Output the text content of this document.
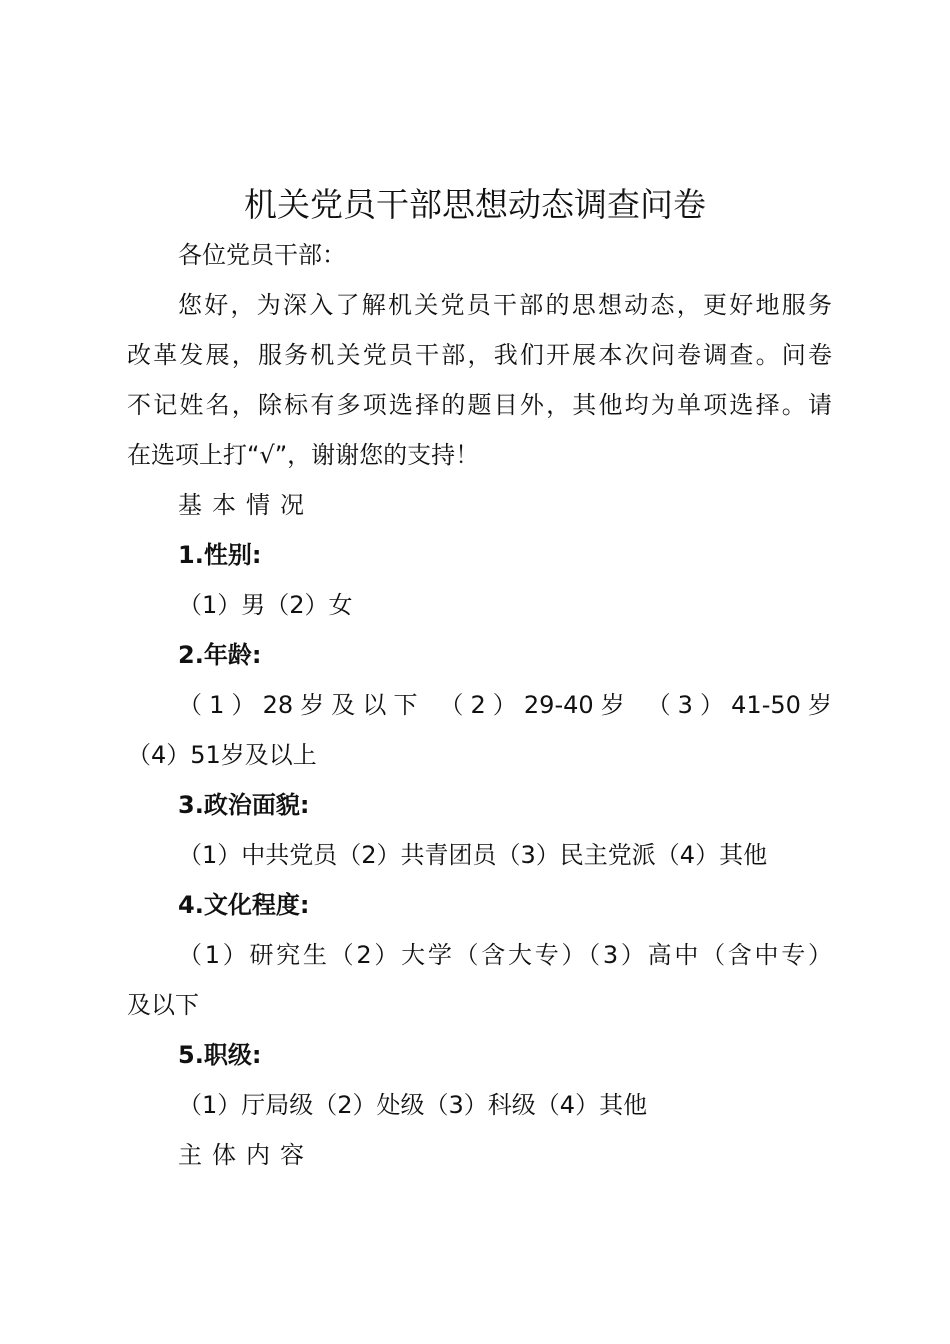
机关党员干部思想动态调查问卷
各位党员干部：
您好，为深入了解机关党员干部的思想动态，更好地服务
改革发展，服务机关党员干部，我们开展本次问卷调查。问卷
不记姓名，除标有多项选择的题目外，其他均为单项选择。请
在选项上打“√”，谢谢您的支持！
基本情况
1.性别:
（1）男（2）女
2.年龄:
（1）28岁及以下 （2）29-40岁 （3）41-50岁
（4）51岁及以上
3.政治面貌:
（1）中共党员（2）共青团员（3）民主党派（4）其他
4.文化程度:
（1）研究生（2）大学（含大专）（3）高中（含中专）
及以下
5.职级:
（1）厅局级（2）处级（3）科级（4）其他
主体内容
